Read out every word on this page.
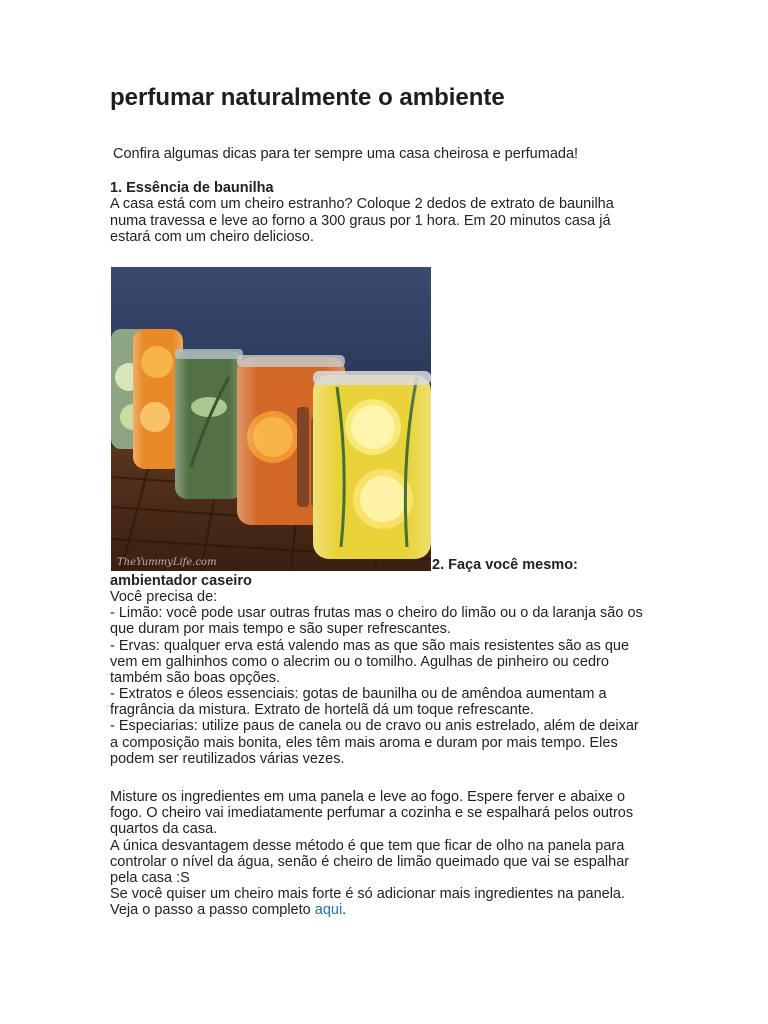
perfumar naturalmente o ambiente

Confira algumas dicas para ter sempre uma casa cheirosa e perfumada!

1. Essência de baunilha
A casa está com um cheiro estranho? Coloque 2 dedos de extrato de baunilha
numa travessa e leve ao forno a 300 graus por 1 hora. Em 20 minutos casa já
estará com um cheiro delicioso.
TheYummyLife.com	2. Faça você mesmo:
ambientador caseiro
Você precisa de:
- Limão: você pode usar outras frutas mas o cheiro do limão ou o da laranja são os
que duram por mais tempo e são super refrescantes.
- Ervas: qualquer erva está valendo mas as que são mais resistentes são as que
vem em galhinhos como o alecrim ou o tomilho. Agulhas de pinheiro ou cedro
também são boas opções.
- Extratos e óleos essenciais: gotas de baunilha ou de amêndoa aumentam a
fragrância da mistura. Extrato de hortelã dá um toque refrescante.
- Especiarias: utilize paus de canela ou de cravo ou anis estrelado, além de deixar
a composição mais bonita, eles têm mais aroma e duram por mais tempo. Eles
podem ser reutilizados várias vezes.
Misture os ingredientes em uma panela e leve ao fogo. Espere ferver e abaixe o
fogo. O cheiro vai imediatamente perfumar a cozinha e se espalhará pelos outros
quartos da casa.
A única desvantagem desse método é que tem que ficar de olho na panela para
controlar o nível da água, senão é cheiro de limão queimado que vai se espalhar
pela casa :S
Se você quiser um cheiro mais forte é só adicionar mais ingredientes na panela.
Veja o passo a passo completo aqui.
